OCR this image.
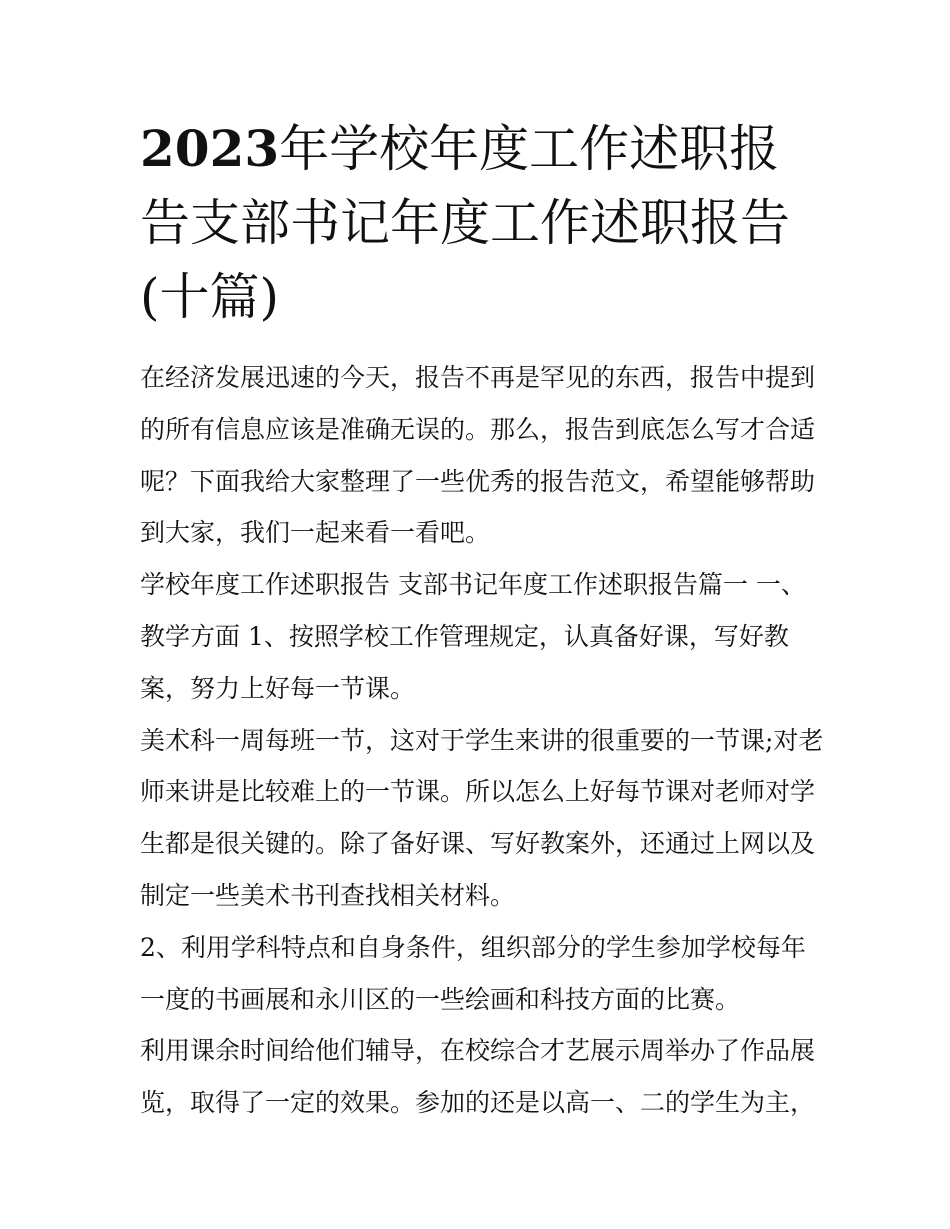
2023年学校年度工作述职报告支部书记年度工作述职报告(十篇)

在经济发展迅速的今天，报告不再是罕见的东西，报告中提到的所有信息应该是准确无误的。那么，报告到底怎么写才合适呢？下面我给大家整理了一些优秀的报告范文，希望能够帮助到大家，我们一起来看一看吧。

学校年度工作述职报告 支部书记年度工作述职报告篇一 一、教学方面 1、按照学校工作管理规定，认真备好课，写好教案，努力上好每一节课。

美术科一周每班一节，这对于学生来讲的很重要的一节课;对老师来讲是比较难上的一节课。所以怎么上好每节课对老师对学生都是很关键的。除了备好课、写好教案外，还通过上网以及制定一些美术书刊查找相关材料。

2、利用学科特点和自身条件，组织部分的学生参加学校每年一度的书画展和永川区的一些绘画和科技方面的比赛。

利用课余时间给他们辅导，在校综合才艺展示周举办了作品展览，取得了一定的效果。参加的还是以高一、二的学生为主，
